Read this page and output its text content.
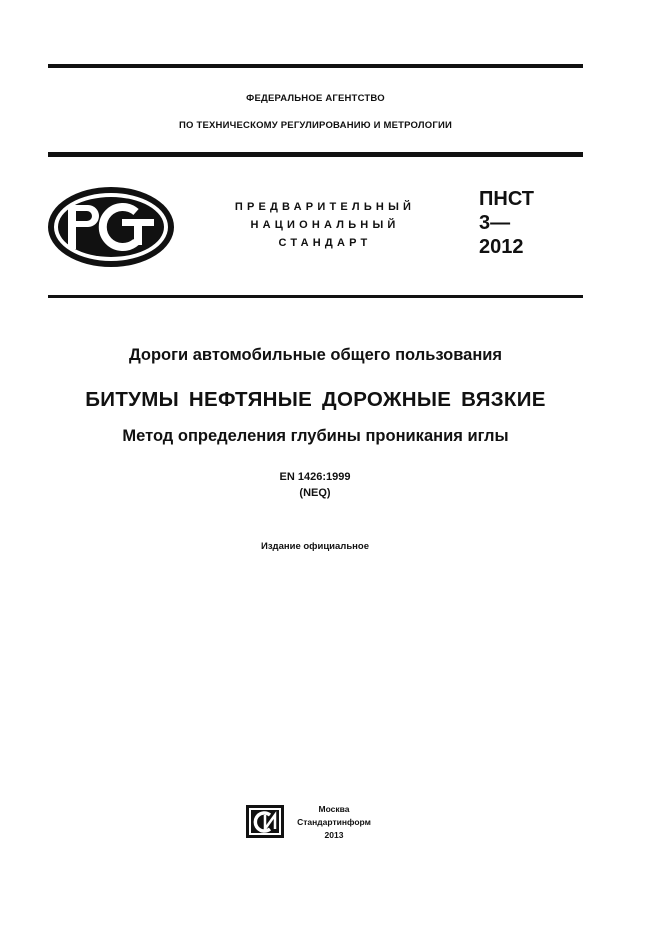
ФЕДЕРАЛЬНОЕ АГЕНТСТВО
ПО ТЕХНИЧЕСКОМУ РЕГУЛИРОВАНИЮ И МЕТРОЛОГИИ
ПРЕДВАРИТЕЛЬНЫЙ
НАЦИОНАЛЬНЫЙ
СТАНДАРТ
ПНСТ
3—
2012
Дороги автомобильные общего пользования
БИТУМЫ НЕФТЯНЫЕ ДОРОЖНЫЕ ВЯЗКИЕ
Метод определения глубины проникания иглы
EN 1426:1999
(NEQ)
Издание официальное
Москва
Стандартинформ
2013
